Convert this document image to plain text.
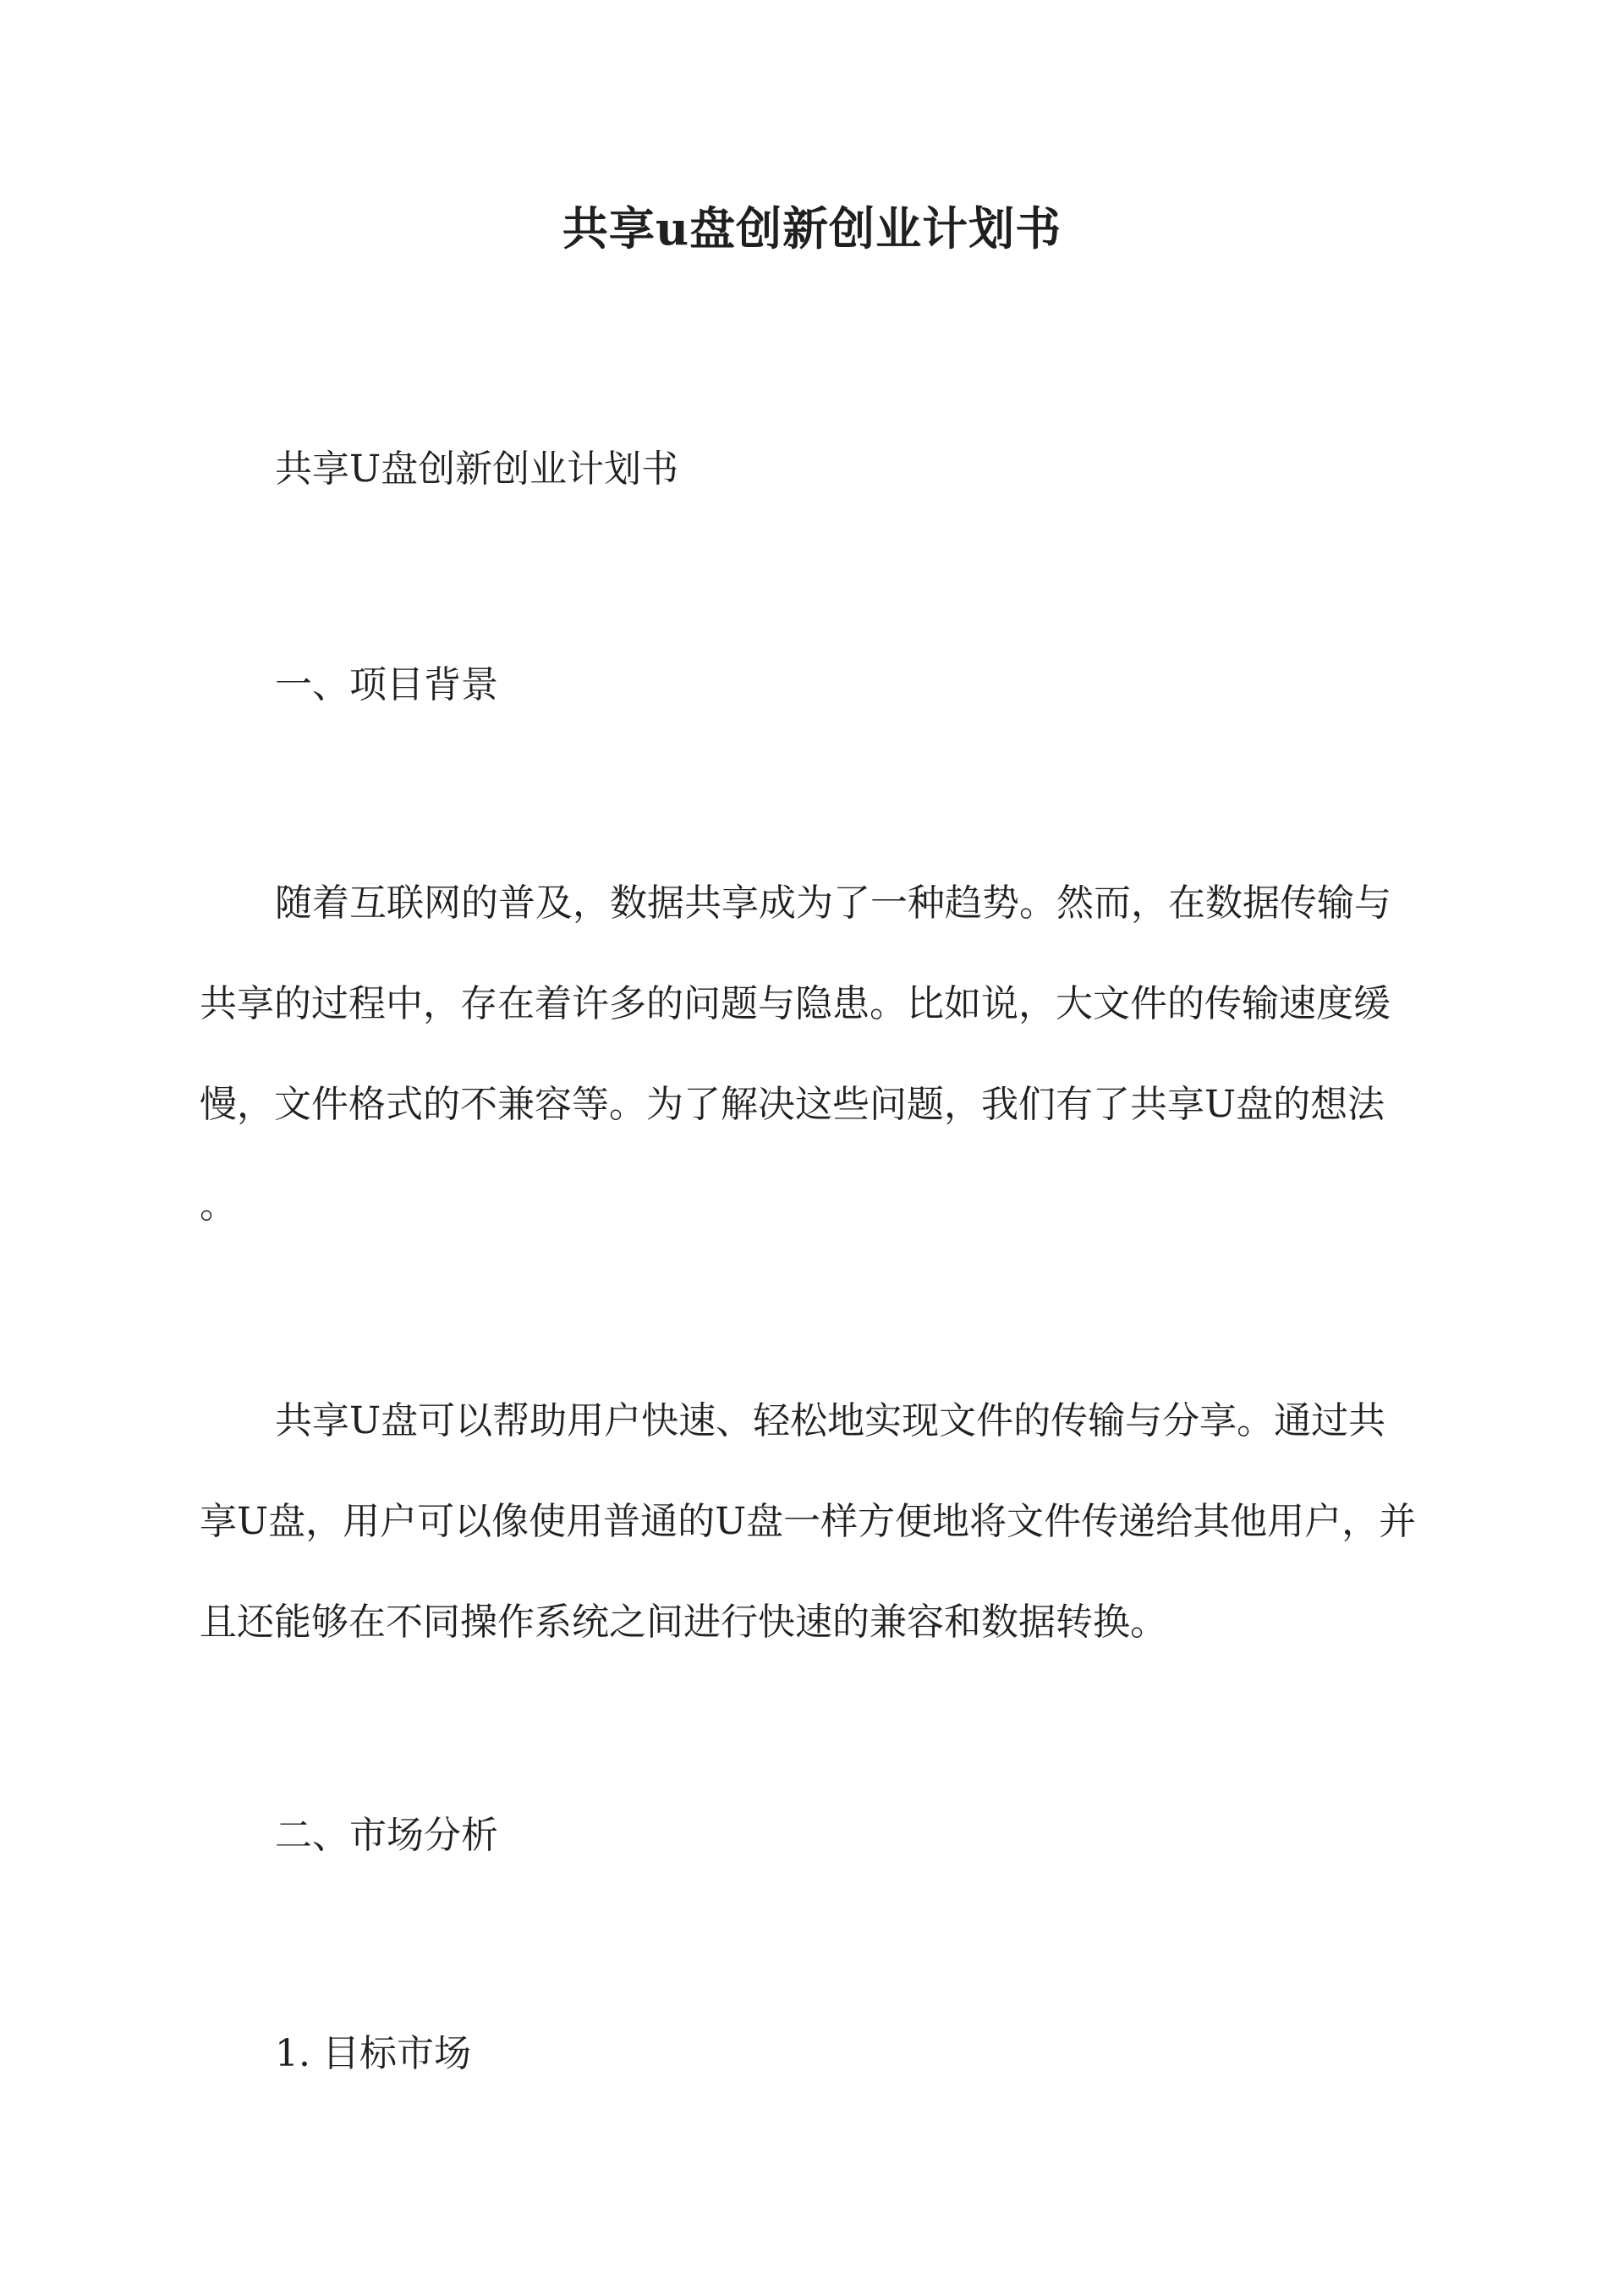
共享u盘创新创业计划书

共享U盘创新创业计划书

一、项目背景

随着互联网的普及，数据共享成为了一种趋势。然而，在数据传输与

共享的过程中，存在着许多的问题与隐患。比如说，大文件的传输速度缓

慢，文件格式的不兼容等。为了解决这些问题，我们有了共享U盘的想法

。

共享U盘可以帮助用户快速、轻松地实现文件的传输与分享。通过共

享U盘，用户可以像使用普通的U盘一样方便地将文件传递给其他用户，并

且还能够在不同操作系统之间进行快速的兼容和数据转换。

二、市场分析

1. 目标市场
